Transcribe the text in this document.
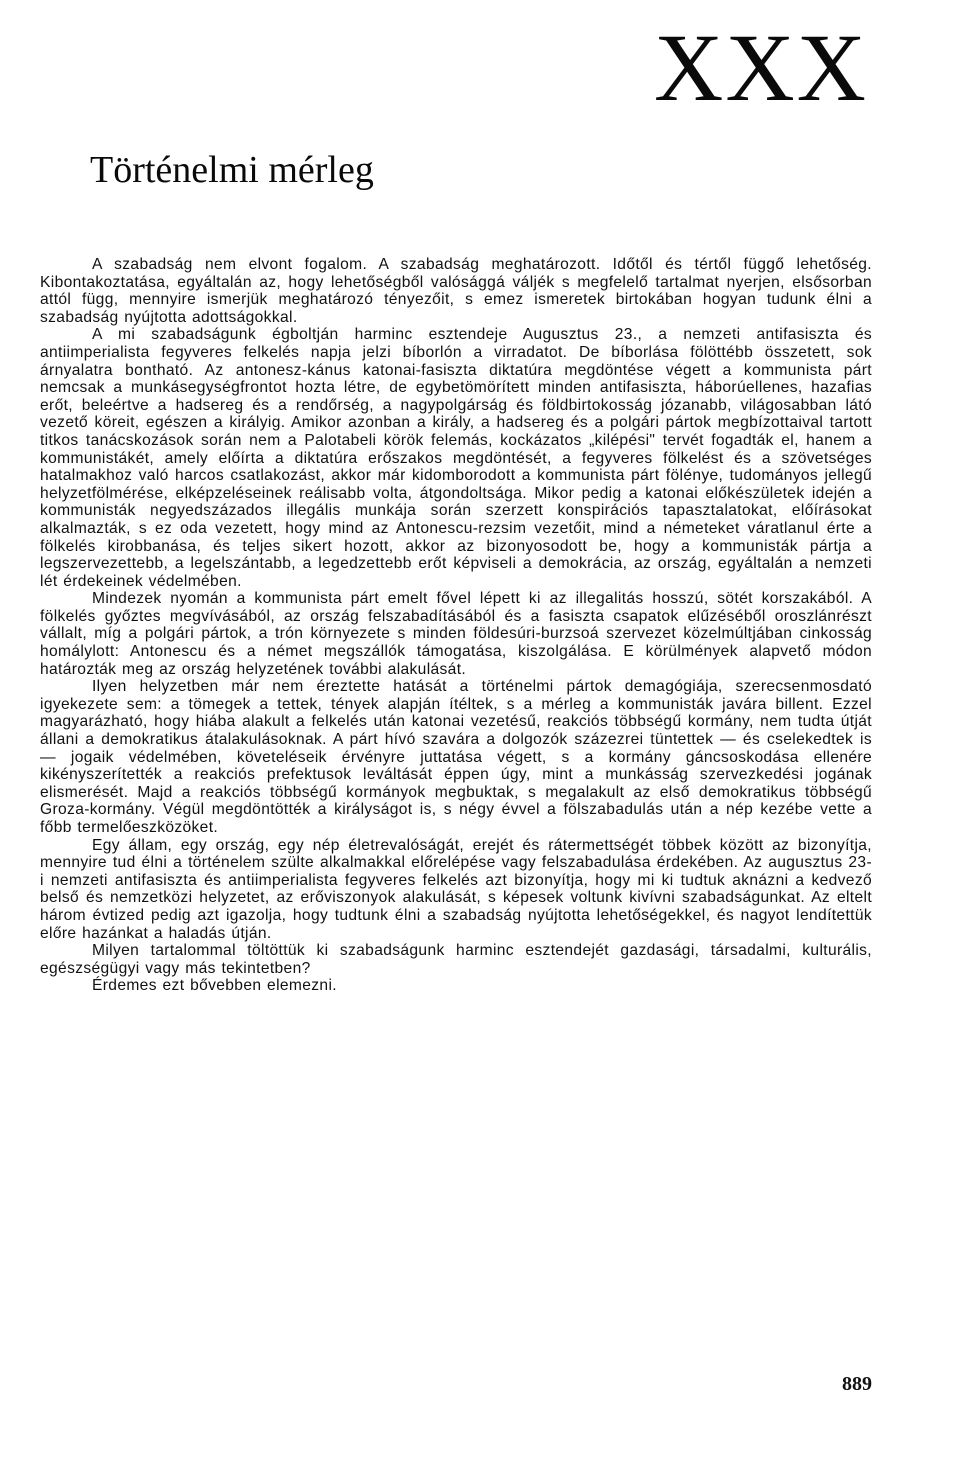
XXX
Történelmi mérleg

A szabadság nem elvont fogalom. A szabadság meghatározott. Időtől és tértől függő lehetőség. Kibontakoztatása, egyáltalán az, hogy lehetőségből valósággá váljék s megfelelő tartalmat nyerjen, elsősorban attól függ, mennyire ismerjük meghatározó tényezőit, s emez ismeretek birtokában hogyan tudunk élni a szabadság nyújtotta adottságokkal.

A mi szabadságunk égboltján harminc esztendeje Augusztus 23., a nemzeti antifasiszta és antiimperialista fegyveres felkelés napja jelzi bíborlón a virradatot. De bíborlása fölöttébb összetett, sok árnyalatra bontható. Az antonesz-kánus katonai-fasiszta diktatúra megdöntése végett a kommunista párt nemcsak a munkásegységfrontot hozta létre, de egybetömörített minden antifasiszta, háborúellenes, hazafias erőt, beleértve a hadsereg és a rendőrség, a nagypolgárság és földbirtokosság józanabb, világosabban látó vezető köreit, egészen a királyig. Amikor azonban a király, a hadsereg és a polgári pártok megbízottaival tartott titkos tanácskozások során nem a Palotabeli körök felemás, kockázatos „kilépési" tervét fogadták el, hanem a kommunistákét, amely előírta a diktatúra erőszakos megdöntését, a fegyveres fölkelést és a szövetséges hatalmakhoz való harcos csatlakozást, akkor már kidomborodott a kommunista párt fölénye, tudományos jellegű helyzetfölmérése, elképzeléseinek reálisabb volta, átgondoltsága. Mikor pedig a katonai előkészületek idején a kommunisták negyedszázados illegális munkája során szerzett konspirációs tapasztalatokat, előírásokat alkalmazták, s ez oda vezetett, hogy mind az Antonescu-rezsim vezetőit, mind a németeket váratlanul érte a fölkelés kirobbanása, és teljes sikert hozott, akkor az bizonyosodott be, hogy a kommunisták pártja a legszervezettebb, a legelszántabb, a legedzettebb erőt képviseli a demokrácia, az ország, egyáltalán a nemzeti lét érdekeinek védelmében.

Mindezek nyomán a kommunista párt emelt fővel lépett ki az illegalitás hosszú, sötét korszakából. A fölkelés győztes megvívásából, az ország felszabadításából és a fasiszta csapatok elűzéséből oroszlánrészt vállalt, míg a polgári pártok, a trón környezete s minden földesúri-burzsoá szervezet közelmúltjában cinkosság homálylott: Antonescu és a német megszállók támogatása, kiszolgálása. E körülmények alapvető módon határozták meg az ország helyzetének további alakulását.

Ilyen helyzetben már nem éreztette hatását a történelmi pártok demagógiája, szerecsenmosdató igyekezete sem: a tömegek a tettek, tények alapján ítéltek, s a mérleg a kommunisták javára billent. Ezzel magyarázható, hogy hiába alakult a felkelés után katonai vezetésű, reakciós többségű kormány, nem tudta útját állani a demokratikus átalakulásoknak. A párt hívó szavára a dolgozók százezrei tüntettek — és cselekedtek is — jogaik védelmében, követeléseik érvényre juttatása végett, s a kormány gáncsoskodása ellenére kikényszerítették a reakciós prefektusok leváltását éppen úgy, mint a munkásság szervezkedési jogának elismerését. Majd a reakciós többségű kormányok megbuktak, s megalakult az első demokratikus többségű Groza-kormány. Végül megdöntötték a királyságot is, s négy évvel a fölszabadulás után a nép kezébe vette a főbb termelőeszközöket.

Egy állam, egy ország, egy nép életrevalóságát, erejét és rátermettségét többek között az bizonyítja, mennyire tud élni a történelem szülte alkalmakkal előrelépése vagy felszabadulása érdekében. Az augusztus 23-i nemzeti antifasiszta és antiimperialista fegyveres felkelés azt bizonyítja, hogy mi ki tudtuk aknázni a kedvező belső és nemzetközi helyzetet, az erőviszonyok alakulását, s képesek voltunk kivívni szabadságunkat. Az eltelt három évtized pedig azt igazolja, hogy tudtunk élni a szabadság nyújtotta lehetőségekkel, és nagyot lendítettük előre hazánkat a haladás útján.

Milyen tartalommal töltöttük ki szabadságunk harminc esztendejét gazdasági, társadalmi, kulturális, egészségügyi vagy más tekintetben?

Érdemes ezt bővebben elemezni.

889
